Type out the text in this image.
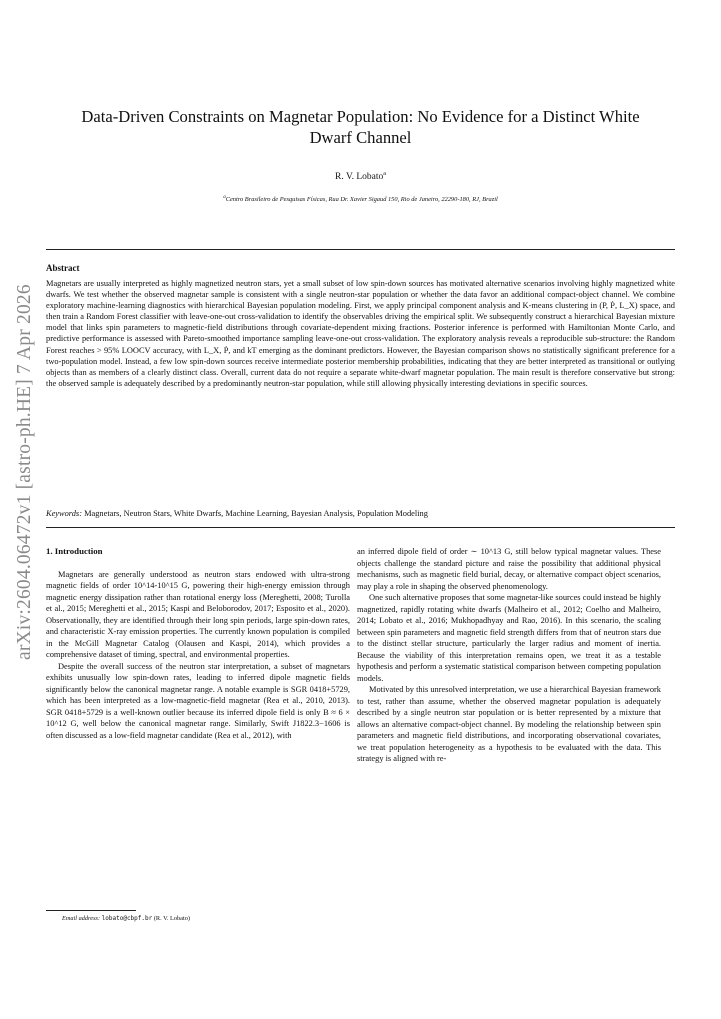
arXiv:2604.06472v1 [astro-ph.HE] 7 Apr 2026
Data-Driven Constraints on Magnetar Population: No Evidence for a Distinct White Dwarf Channel
R. V. Lobato$^a$
$^a$Centro Brasileiro de Pesquisas Físicas, Rua Dr. Xavier Sigaud 150, Rio de Janeiro, 22290-180, RJ, Brazil
Abstract
Magnetars are usually interpreted as highly magnetized neutron stars, yet a small subset of low spin-down sources has motivated alternative scenarios involving highly magnetized white dwarfs. We test whether the observed magnetar sample is consistent with a single neutron-star population or whether the data favor an additional compact-object channel. We combine exploratory machine-learning diagnostics with hierarchical Bayesian population modeling. First, we apply principal component analysis and K-means clustering in (P, Ṗ, L_X) space, and then train a Random Forest classifier with leave-one-out cross-validation to identify the observables driving the empirical split. We subsequently construct a hierarchical Bayesian mixture model that links spin parameters to magnetic-field distributions through covariate-dependent mixing fractions. Posterior inference is performed with Hamiltonian Monte Carlo, and predictive performance is assessed with Pareto-smoothed importance sampling leave-one-out cross-validation. The exploratory analysis reveals a reproducible sub-structure: the Random Forest reaches > 95% LOOCV accuracy, with L_X, Ṗ, and kT emerging as the dominant predictors. However, the Bayesian comparison shows no statistically significant preference for a two-population model. Instead, a few low spin-down sources receive intermediate posterior membership probabilities, indicating that they are better interpreted as transitional or outlying objects than as members of a clearly distinct class. Overall, current data do not require a separate white-dwarf magnetar population. The main result is therefore conservative but strong: the observed sample is adequately described by a predominantly neutron-star population, while still allowing physically interesting deviations in specific sources.
Keywords: Magnetars, Neutron Stars, White Dwarfs, Machine Learning, Bayesian Analysis, Population Modeling
1. Introduction

Magnetars are generally understood as neutron stars endowed with ultra-strong magnetic fields of order 10^14-10^15 G, powering their high-energy emission through magnetic energy dissipation rather than rotational energy loss (Mereghetti, 2008; Turolla et al., 2015; Mereghetti et al., 2015; Kaspi and Beloborodov, 2017; Esposito et al., 2020). Observationally, they are identified through their long spin periods, large spin-down rates, and characteristic X-ray emission properties. The currently known population is compiled in the McGill Magnetar Catalog (Olausen and Kaspi, 2014), which provides a comprehensive dataset of timing, spectral, and environmental properties.

Despite the overall success of the neutron star interpretation, a subset of magnetars exhibits unusually low spin-down rates, leading to inferred dipole magnetic fields significantly below the canonical magnetar range. A notable example is SGR 0418+5729, which has been interpreted as a low-magnetic-field magnetar (Rea et al., 2010, 2013). SGR 0418+5729 is a well-known outlier because its inferred dipole field is only B ≈ 6 × 10^12 G, well below the canonical magnetar range. Similarly, Swift J1822.3−1606 is often discussed as a low-field magnetar candidate (Rea et al., 2012), with

an inferred dipole field of order ∼ 10^13 G, still below typical magnetar values. These objects challenge the standard picture and raise the possibility that additional physical mechanisms, such as magnetic field burial, decay, or alternative compact object scenarios, may play a role in shaping the observed phenomenology.

One such alternative proposes that some magnetar-like sources could instead be highly magnetized, rapidly rotating white dwarfs (Malheiro et al., 2012; Coelho and Malheiro, 2014; Lobato et al., 2016; Mukhopadhyay and Rao, 2016). In this scenario, the scaling between spin parameters and magnetic field strength differs from that of neutron stars due to the distinct stellar structure, particularly the larger radius and moment of inertia. Because the viability of this interpretation remains open, we treat it as a testable hypothesis and perform a systematic statistical comparison between competing population models.

Motivated by this unresolved interpretation, we use a hierarchical Bayesian framework to test, rather than assume, whether the observed magnetar population is adequately described by a single neutron star population or is better represented by a mixture that allows an alternative compact-object channel. By modeling the relationship between spin parameters and magnetic field distributions, and incorporating observational covariates, we treat population heterogeneity as a hypothesis to be evaluated with the data. This strategy is aligned with re-

Email address: lobato@cbpf.br (R. V. Lobato)
